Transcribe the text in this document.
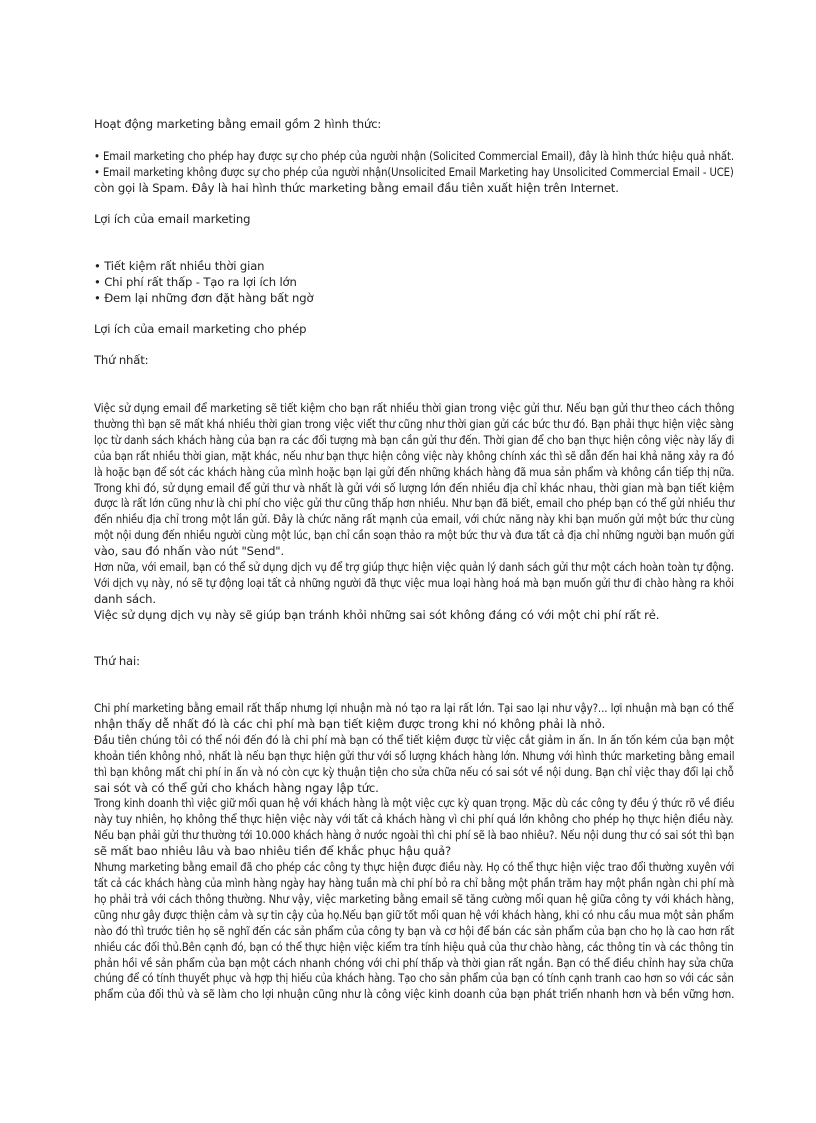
Hoạt động marketing bằng email gồm 2 hình thức:
• Email marketing cho phép hay được sự cho phép của người nhận (Solicited Commercial Email), đây là hình thức hiệu quả nhất.
• Email marketing không được sự cho phép của người nhận(Unsolicited Email Marketing hay Unsolicited Commercial Email - UCE)
còn gọi là Spam. Đây là hai hình thức marketing bằng email đầu tiên xuất hiện trên Internet.
Lợi ích của email marketing
• Tiết kiệm rất nhiều thời gian
• Chi phí rất thấp - Tạo ra lợi ích lớn
• Đem lại những đơn đặt hàng bất ngờ
Lợi ích của email marketing cho phép
Thứ nhất:
Việc sử dụng email để marketing sẽ tiết kiệm cho bạn rất nhiều thời gian trong việc gửi thư. Nếu bạn gửi thư theo cách thông
thường thì bạn sẽ mất khá nhiều thời gian trong việc viết thư cũng như thời gian gửi các bức thư đó. Bạn phải thực hiện việc sàng
lọc từ danh sách khách hàng của bạn ra các đối tượng mà bạn cần gửi thư đến. Thời gian để cho bạn thực hiện công việc này lấy đi
của bạn rất nhiều thời gian, mặt khác, nếu như bạn thực hiện công việc này không chính xác thì sẽ dẫn đến hai khả năng xảy ra đó
là hoặc bạn để sót các khách hàng của mình hoặc bạn lại gửi đến những khách hàng đã mua sản phẩm và không cần tiếp thị nữa.
Trong khi đó, sử dụng email để gửi thư và nhất là gửi với số lượng lớn đến nhiều địa chỉ khác nhau, thời gian mà bạn tiết kiệm
được là rất lớn cũng như là chi phí cho việc gửi thư cũng thấp hơn nhiều. Như bạn đã biết, email cho phép bạn có thể gửi nhiều thư
đến nhiều địa chỉ trong một lần gửi. Đây là chức năng rất mạnh của email, với chức năng này khi bạn muốn gửi một bức thư cùng
một nội dung đến nhiều người cùng một lúc, bạn chỉ cần soạn thảo ra một bức thư và đưa tất cả địa chỉ những người bạn muốn gửi
vào, sau đó nhấn vào nút "Send".
Hơn nữa, với email, bạn có thể sử dụng dịch vụ để trợ giúp thực hiện việc quản lý danh sách gửi thư một cách hoàn toàn tự động.
Với dịch vụ này, nó sẽ tự động loại tất cả những người đã thực việc mua loại hàng hoá mà bạn muốn gửi thư đi chào hàng ra khỏi
danh sách.
Việc sử dụng dịch vụ này sẽ giúp bạn tránh khỏi những sai sót không đáng có với một chi phí rất rẻ.
Thứ hai:
Chi phí marketing bằng email rất thấp nhưng lợi nhuận mà nó tạo ra lại rất lớn. Tại sao lại như vậy?... lợi nhuận mà bạn có thể
nhận thấy dễ nhất đó là các chi phí mà bạn tiết kiệm được trong khi nó không phải là nhỏ.
Đầu tiên chúng tôi có thể nói đến đó là chi phí mà bạn có thể tiết kiệm được từ việc cắt giảm in ấn. In ấn tốn kém của bạn một
khoản tiền không nhỏ, nhất là nếu bạn thực hiện gửi thư với số lượng khách hàng lớn. Nhưng với hình thức marketing bằng email
thì bạn không mất chi phí in ấn và nó còn cực kỳ thuận tiện cho sửa chữa nếu có sai sót về nội dung. Bạn chỉ việc thay đổi lại chỗ
sai sót và có thể gửi cho khách hàng ngay lập tức.
Trong kinh doanh thì việc giữ mối quan hệ với khách hàng là một việc cực kỳ quan trọng. Mặc dù các công ty đều ý thức rõ về điều
này tuy nhiên, họ không thể thực hiện việc này với tất cả khách hàng vì chi phí quá lớn không cho phép họ thực hiện điều này.
Nếu bạn phải gửi thư thường tới 10.000 khách hàng ở nước ngoài thì chi phí sẽ là bao nhiêu?. Nếu nội dung thư có sai sót thì bạn
sẽ mất bao nhiêu lâu và bao nhiêu tiền để khắc phục hậu quả?
Nhưng marketing bằng email đã cho phép các công ty thực hiện được điều này. Họ có thể thực hiện việc trao đổi thường xuyên với
tất cả các khách hàng của mình hàng ngày hay hàng tuần mà chi phí bỏ ra chỉ bằng một phần trăm hay một phần ngàn chi phí mà
họ phải trả với cách thông thường. Như vậy, việc marketing bằng email sẽ tăng cường mối quan hệ giữa công ty với khách hàng,
cũng như gây được thiện cảm và sự tin cậy của họ.Nếu bạn giữ tốt mối quan hệ với khách hàng, khi có nhu cầu mua một sản phẩm
nào đó thì trước tiên họ sẽ nghĩ đến các sản phẩm của công ty bạn và cơ hội để bán các sản phẩm của bạn cho họ là cao hơn rất
nhiều các đối thủ.Bên cạnh đó, bạn có thể thực hiện việc kiểm tra tính hiệu quả của thư chào hàng, các thông tin và các thông tin
phản hồi về sản phẩm của bạn một cách nhanh chóng với chi phí thấp và thời gian rất ngắn. Bạn có thể điều chỉnh hay sửa chữa
chúng để có tính thuyết phục và hợp thị hiếu của khách hàng. Tạo cho sản phẩm của bạn có tính cạnh tranh cao hơn so với các sản
phẩm của đối thủ và sẽ làm cho lợi nhuận cũng như là công việc kinh doanh của bạn phát triển nhanh hơn và bền vững hơn.
